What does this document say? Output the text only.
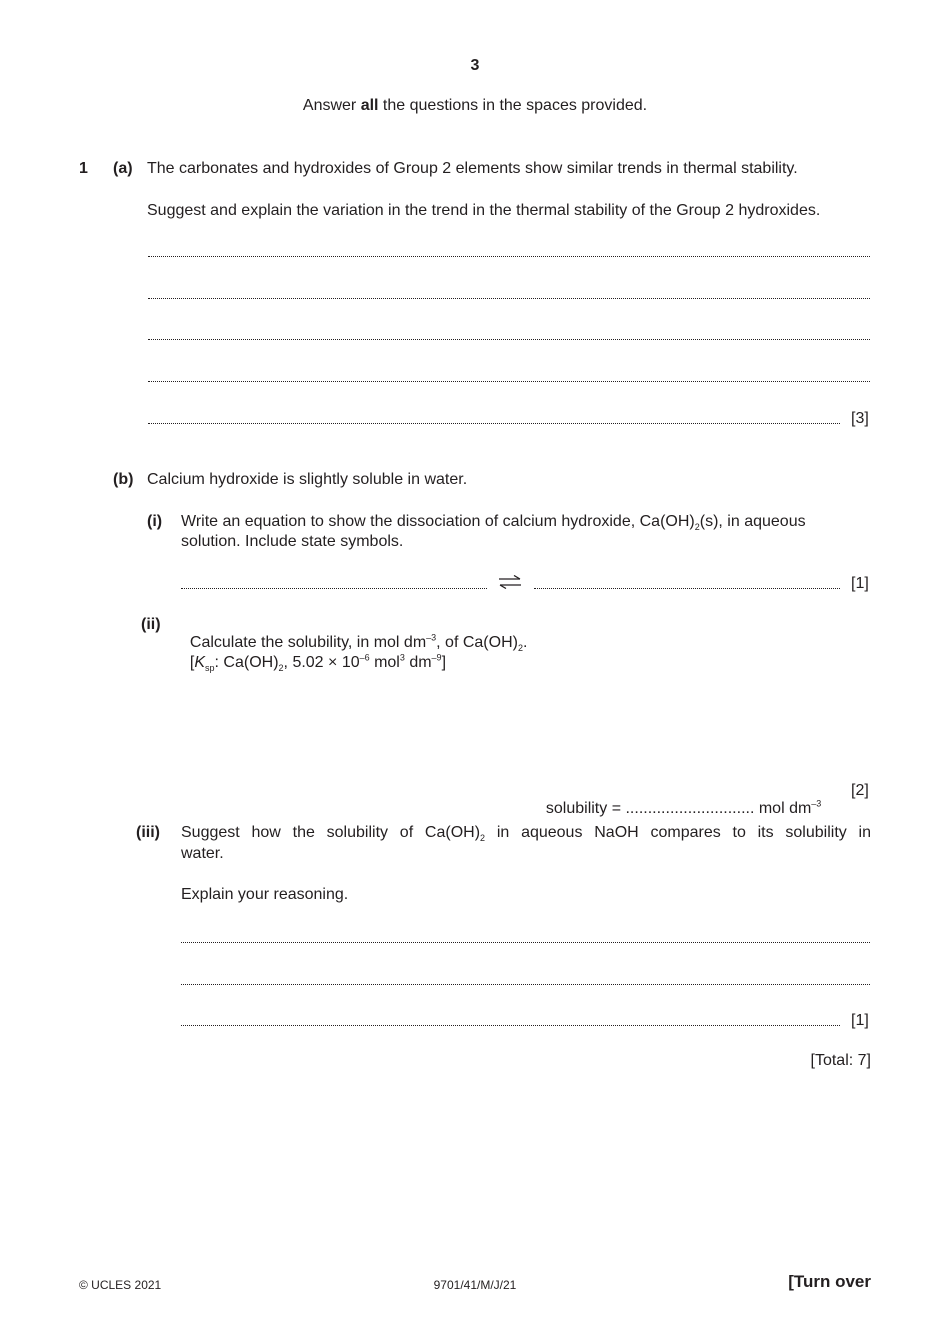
3
Answer all the questions in the spaces provided.
1 (a) The carbonates and hydroxides of Group 2 elements show similar trends in thermal stability.
Suggest and explain the variation in the trend in the thermal stability of the Group 2 hydroxides.
[3]
(b) Calcium hydroxide is slightly soluble in water.
(i) Write an equation to show the dissociation of calcium hydroxide, $Ca(OH)_2(s)$, in aqueous
solution. Include state symbols.
[1]
(ii)

Calculate the solubility, in mol $dm^{-3}$, of $Ca(OH)_2$.

[$K_{sp}$: $Ca(OH)_2$, $5.02 \times 10^{-6}$ mol$^3$ $dm^{-9}$]

solubility = ............................. mol $dm^{-3}$

[2]
(iii) Suggest how the solubility of $Ca(OH)_2$ in aqueous NaOH compares to its solubility in
water.
Explain your reasoning.
[1]
[Total: 7]
© UCLES 2021	9701/41/M/J/21	[Turn over
